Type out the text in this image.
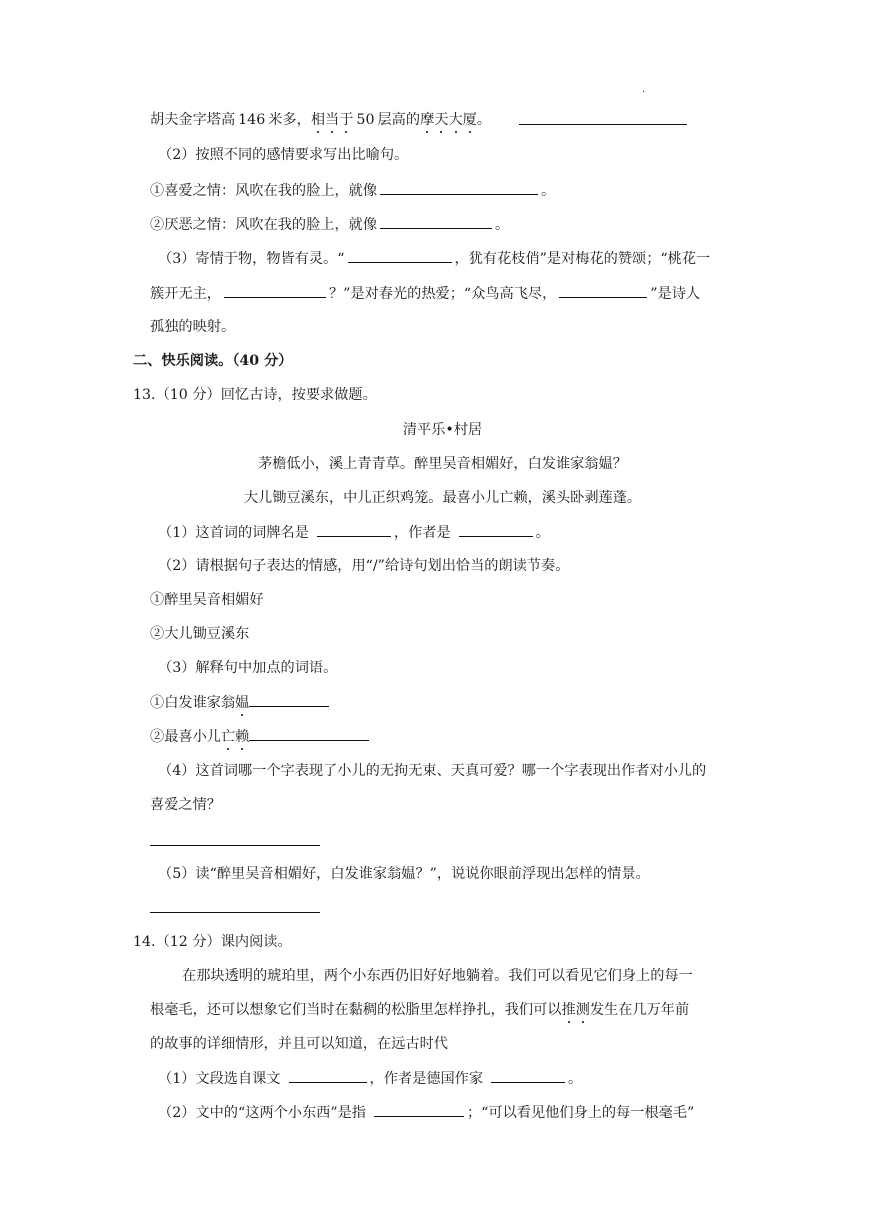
.
胡夫金字塔高 146 米多，相当于 50 层高的摩天大厦。
（2）按照不同的感情要求写出比喻句。
①喜爱之情：风吹在我的脸上，就像	。
②厌恶之情：风吹在我的脸上，就像	。
（3）寄情于物，物皆有灵。“	，犹有花枝俏”是对梅花的赞颂；“桃花一
簇开无主，	？”是对春光的热爱；“众鸟高飞尽，	”是诗人
孤独的映射。
二、快乐阅读。（40 分）
13.（10 分）回忆古诗，按要求做题。
清平乐•村居
茅檐低小，溪上青青草。醉里吴音相媚好，白发谁家翁媪？
大儿锄豆溪东，中儿正织鸡笼。最喜小儿亡赖，溪头卧剥莲蓬。
（1）这首词的词牌名是	，作者是	。
（2）请根据句子表达的情感，用“/”给诗句划出恰当的朗读节奏。
①醉里吴音相媚好
②大儿锄豆溪东
（3）解释句中加点的词语。
①白发谁家翁媪
②最喜小儿亡赖
（4）这首词哪一个字表现了小儿的无拘无束、天真可爱？哪一个字表现出作者对小儿的
喜爱之情？
（5）读“醉里吴音相媚好，白发谁家翁媪？”，说说你眼前浮现出怎样的情景。
14.（12 分）课内阅读。
在那块透明的琥珀里，两个小东西仍旧好好地躺着。我们可以看见它们身上的每一
根毫毛，还可以想象它们当时在黏稠的松脂里怎样挣扎，我们可以推测发生在几万年前
的故事的详细情形，并且可以知道，在远古时代
（1）文段选自课文	，作者是德国作家	。
（2）文中的“这两个小东西”是指	；“可以看见他们身上的每一根毫毛”
